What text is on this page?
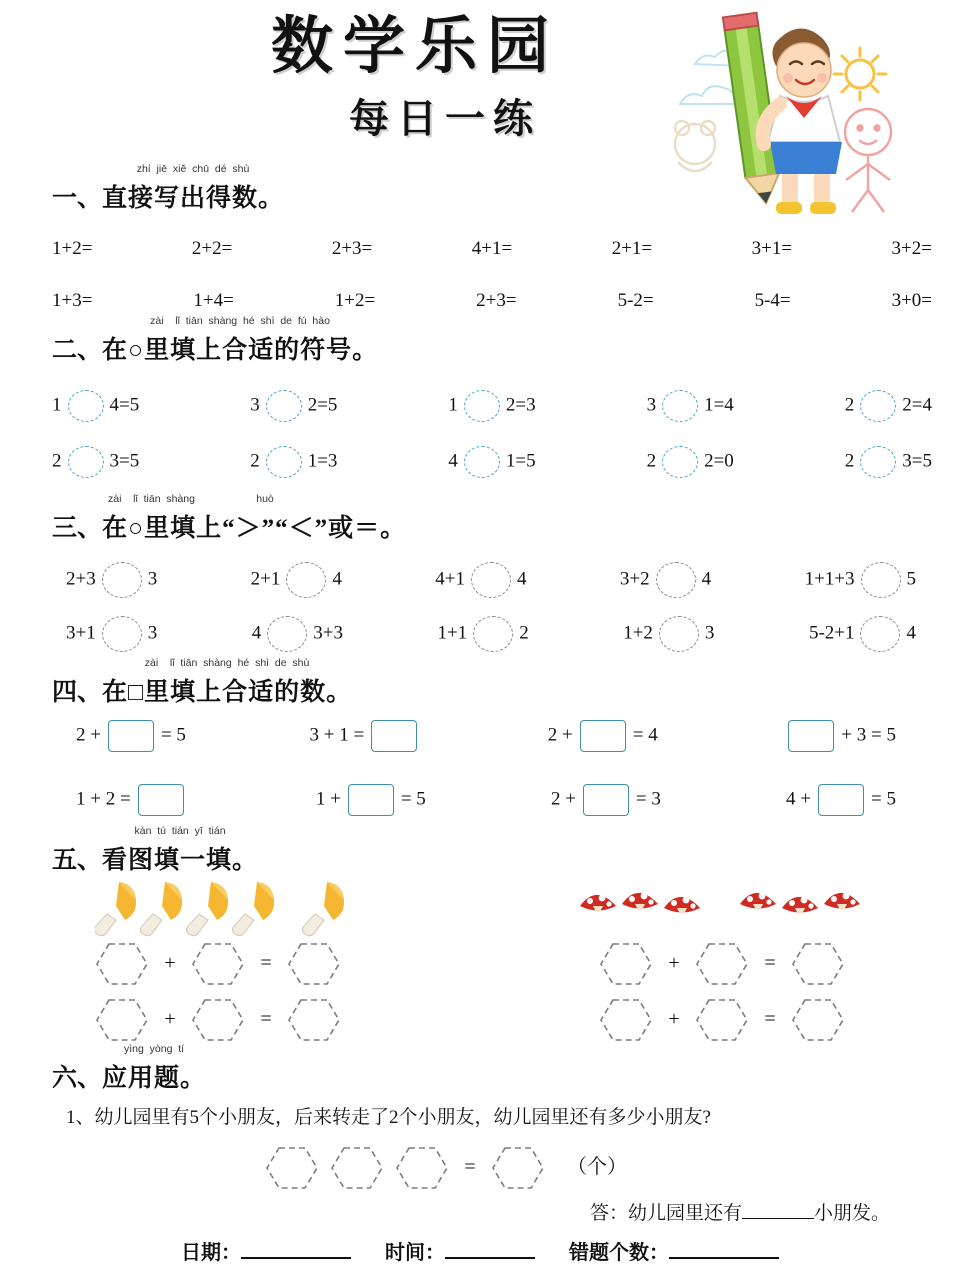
数学乐园
每日一练
一、
zhí  jiē  xiě  chū  dé  shù
直接写出得数。
1+2=	2+2=	2+3=	4+1=	2+1=	3+1=	3+2=
1+3=	1+4=	1+2=	2+3=	5-2=	5-4=	3+0=
二、
zài    lǐ  tiān  shàng  hé  shì  de  fú  hào
在○里填上合适的符号。
1	4=5	3	2=5	1	2=3	3	1=4	2	2=4
2	3=5	2	1=3	4	1=5	2	2=0	2	3=5
三、
zài    lǐ  tiān  shàng                     huò
在○里填上“＞”“＜”或＝。
2+3	3	2+1	4	4+1	4	3+2	4	1+1+3	5
3+1	3	4	3+3	1+1	2	1+2	3	5-2+1	4
四、
zài    lǐ  tiān  shàng  hé  shì  de  shù
在□里填上合适的数。
2 +	= 5	3 + 1 =	2 +	= 4	+ 3 = 5
1 + 2 =	1 +	= 5	2 +	= 3	4 +	= 5
五、
kàn  tú  tián  yī  tián
看图填一填。
+	=
+	=
+	=
+	=
六、
yìng  yòng  tí
应用题。
1、幼儿园里有5个小朋友，后来转走了2个小朋友，幼儿园里还有多少小朋友?
=	（个）
答：幼儿园里还有	小朋发。
日期：	时间：	错题个数：
